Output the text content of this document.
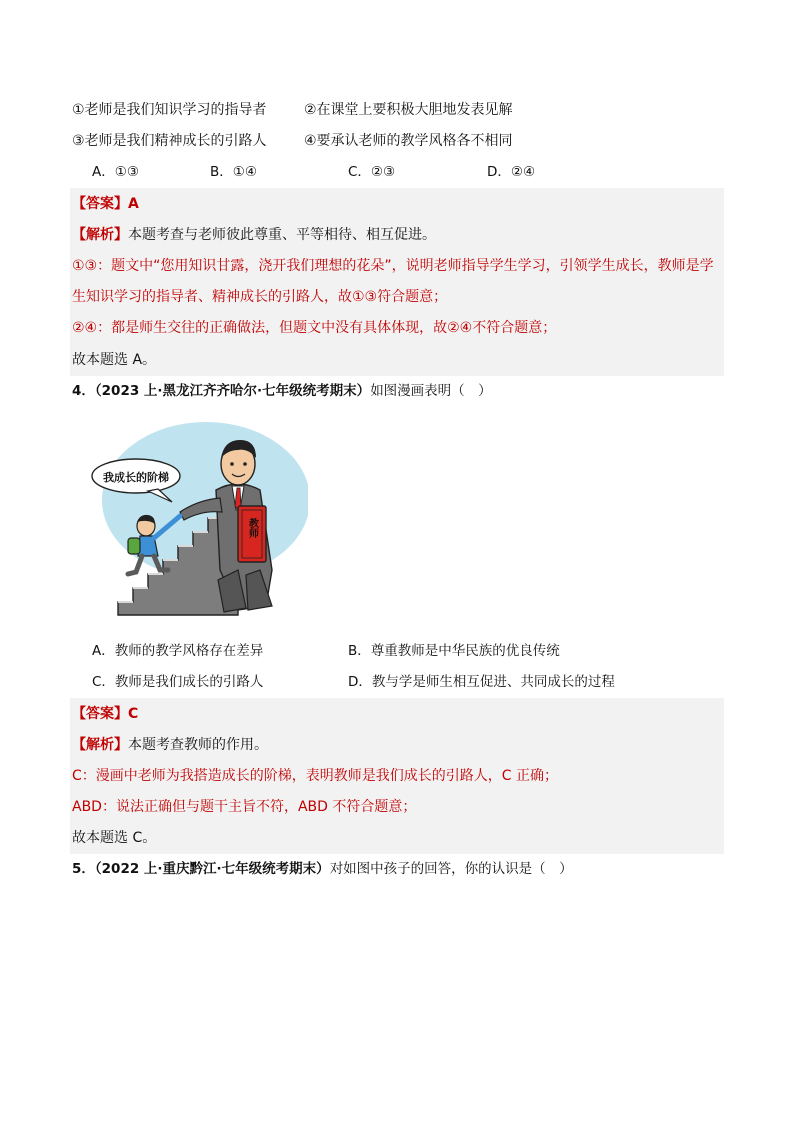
①老师是我们知识学习的指导者	②在课堂上要积极大胆地发表见解
③老师是我们精神成长的引路人	④要承认老师的教学风格各不相同
A．①③	B．①④	C．②③	D．②④
【答案】A
【解析】本题考查与老师彼此尊重、平等相待、相互促进。
①③：题文中“您用知识甘露，浇开我们理想的花朵”，说明老师指导学生学习，引领学生成长，教师是学
生知识学习的指导者、精神成长的引路人，故①③符合题意；
②④：都是师生交往的正确做法，但题文中没有具体体现，故②④不符合题意；
故本题选 A。
4．（2023 上·黑龙江齐齐哈尔·七年级统考期末）如图漫画表明（　）
我成长的阶梯
教师
A．教师的教学风格存在差异	B．尊重教师是中华民族的优良传统
C．教师是我们成长的引路人	D．教与学是师生相互促进、共同成长的过程
【答案】C
【解析】本题考查教师的作用。
C：漫画中老师为我搭造成长的阶梯，表明教师是我们成长的引路人，C 正确；
ABD：说法正确但与题干主旨不符，ABD 不符合题意；
故本题选 C。
5．（2022 上·重庆黔江·七年级统考期末）对如图中孩子的回答，你的认识是（　）
